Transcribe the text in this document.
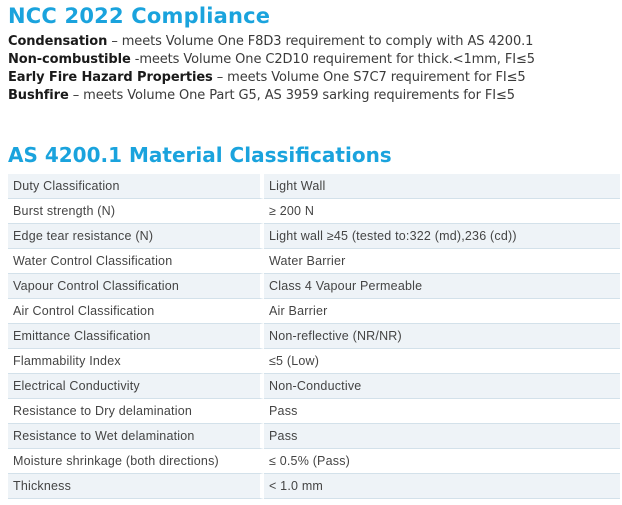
NCC 2022 Compliance
Condensation – meets Volume One F8D3 requirement to comply with AS 4200.1
Non-combustible -meets Volume One C2D10 requirement for thick.<1mm, FI≤5
Early Fire Hazard Properties – meets Volume One S7C7 requirement for FI≤5
Bushfire – meets Volume One Part G5, AS 3959 sarking requirements for FI≤5
AS 4200.1 Material Classifications
Duty Classification	Light Wall
Burst strength (N)	≥ 200 N
Edge tear resistance (N)	Light wall ≥45 (tested to:322 (md),236 (cd))
Water Control Classification	Water Barrier
Vapour Control Classification	Class 4 Vapour Permeable
Air Control Classification	Air Barrier
Emittance Classification	Non-reflective (NR/NR)
Flammability Index	≤5 (Low)
Electrical Conductivity	Non-Conductive
Resistance to Dry delamination	Pass
Resistance to Wet delamination	Pass
Moisture shrinkage (both directions)	≤ 0.5% (Pass)
Thickness	< 1.0 mm
